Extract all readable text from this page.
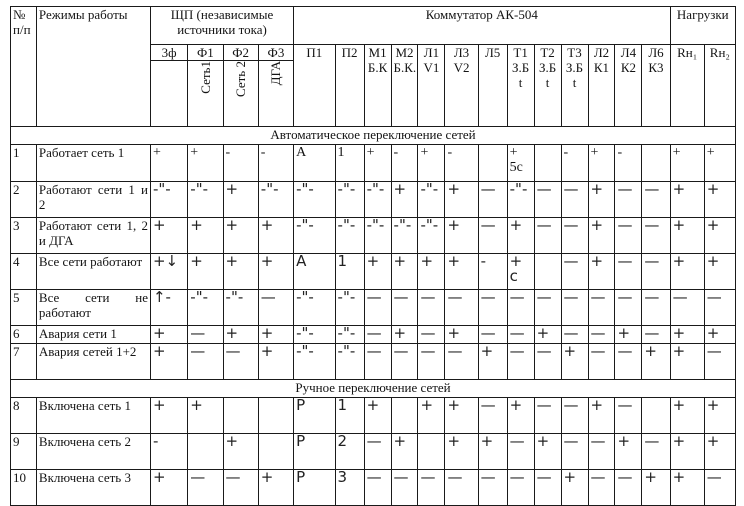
№ п/п	Режимы работы	ЩП (независимые источники тока)				Коммутатор АК-504													Нагрузки	
		3ф	Ф1	Ф2	Ф3	П1	П2	М1 Б.К	М2 Б.К.	Л1 V1	Л3 V2	Л5	Т1 З.Б t	Т2 З.Б t	Т3 З.Б t	Л2 К1	Л4 К2	Л6 К3	Rн₁	Rн₂

			Сеть1	Сеть 2	ДГА															

Автоматическое переключение сетей																				
1	Работает сеть 1	+	+	-	-	А	1	+	-	+	-		+ 5с		-	+	-		+	+
2	Работают сети 1 и 2	-"-	-"-	+	-"-	-"-	-"-	-"-	+	-"-	+	—	-"-	—	—	+	—	—	+	+
3	Работают сети 1, 2 и ДГА	+	+	+	+	-"-	-"-	-"-	-"-	-"-	+	—	+	—	—	+	—	—	+	+
4	Все сети работают	+↓	+	+	+	А	1	+	+	+	+	-	+ с		—	+	—	—	+	+
5	Все сети не работают	↑-	-"-	-"-	—	-"-	-"-	—	—	—	—	—	—	—	—	—	—	—	—	—
6	Авария сети 1	+	—	+	+	-"-	-"-	—	+	—	+	—	—	+	—	—	+	—	+	+
7	Авария сетей 1+2	+	—	—	+	-"-	-"-	—	—	—	—	+	—	—	+	—	—	+	+	—
Ручное переключение сетей																				
8	Включена сеть 1	+	+			Р	1	+		+	+	—	+	—	—	+	—		+	+
9	Включена сеть 2	-		+		Р	2	—	+		+	+	—	+	—	—	+	—	+	+
10	Включена сеть 3	+	—	—	+	Р	3	—	—	—	—	—	—	—	+	—	—	+	+	—
